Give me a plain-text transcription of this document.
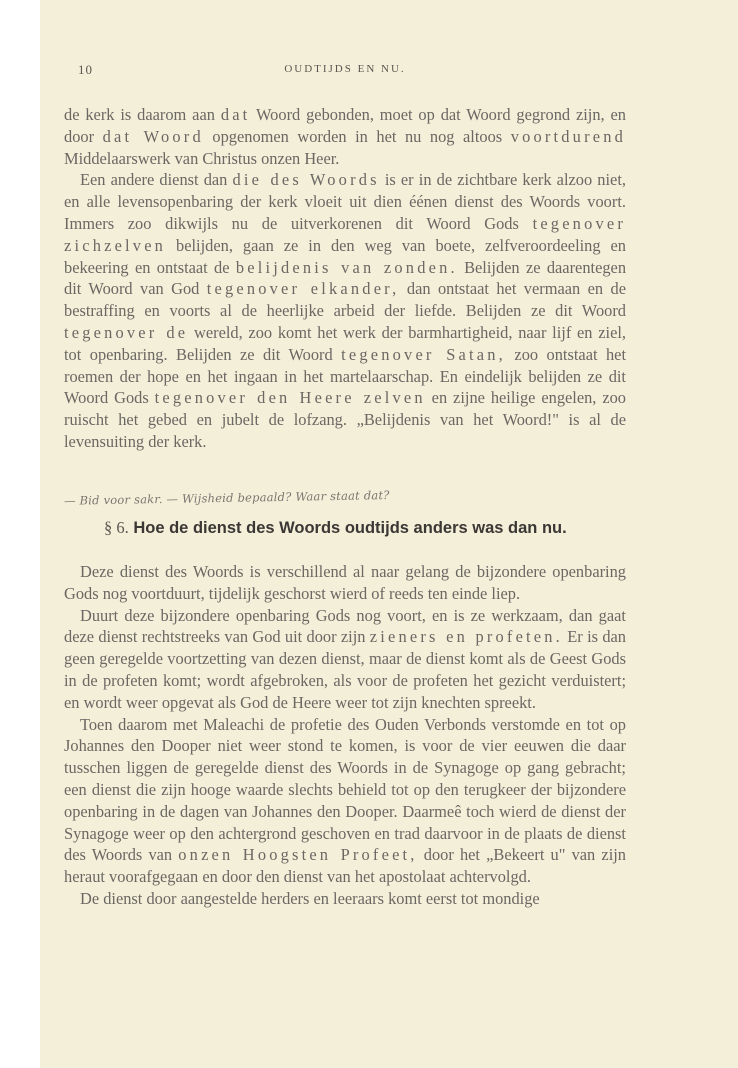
10	OUDTIJDS EN NU.

de kerk is daarom aan dat Woord gebonden, moet op dat Woord gegrond zijn, en door dat Woord opgenomen worden in het nu nog altoos voortdurend Middelaarswerk van Christus onzen Heer.

Een andere dienst dan die des Woords is er in de zichtbare kerk alzoo niet, en alle levensopenbaring der kerk vloeit uit dien éénen dienst des Woords voort. Immers zoo dikwijls nu de uitverkorenen dit Woord Gods tegenover zichzelven belijden, gaan ze in den weg van boete, zelfveroordeeling en bekeering en ontstaat de belijdenis van zonden. Belijden ze daarentegen dit Woord van God tegenover elkander, dan ontstaat het vermaan en de bestraffing en voorts al de heerlijke arbeid der liefde. Belijden ze dit Woord tegenover de wereld, zoo komt het werk der barmhartigheid, naar lijf en ziel, tot openbaring. Belijden ze dit Woord tegenover Satan, zoo ontstaat het roemen der hope en het ingaan in het martelaarschap. En eindelijk belijden ze dit Woord Gods tegenover den Heere zelven en zijne heilige engelen, zoo ruischt het gebed en jubelt de lofzang. „Belijdenis van het Woord!" is al de levensuiting der kerk.

— Bid voor sakr. — Wijsheid bepaald? Waar staat dat?
§ 6. Hoe de dienst des Woords oudtijds anders was dan nu.

Deze dienst des Woords is verschillend al naar gelang de bijzondere openbaring Gods nog voortduurt, tijdelijk geschorst wierd of reeds ten einde liep.

Duurt deze bijzondere openbaring Gods nog voort, en is ze werkzaam, dan gaat deze dienst rechtstreeks van God uit door zijn zieners en profeten. Er is dan geen geregelde voortzetting van dezen dienst, maar de dienst komt als de Geest Gods in de profeten komt; wordt afgebroken, als voor de profeten het gezicht verduistert; en wordt weer opgevat als God de Heere weer tot zijn knechten spreekt.

Toen daarom met Maleachi de profetie des Ouden Verbonds verstomde en tot op Johannes den Dooper niet weer stond te komen, is voor de vier eeuwen die daar tusschen liggen de geregelde dienst des Woords in de Synagoge op gang gebracht; een dienst die zijn hooge waarde slechts behield tot op den terugkeer der bijzondere openbaring in de dagen van Johannes den Dooper. Daarmeê toch wierd de dienst der Synagoge weer op den achtergrond geschoven en trad daarvoor in de plaats de dienst des Woords van onzen Hoogsten Profeet, door het „Bekeert u" van zijn heraut voorafgegaan en door den dienst van het apostolaat achtervolgd.

De dienst door aangestelde herders en leeraars komt eerst tot mondige
